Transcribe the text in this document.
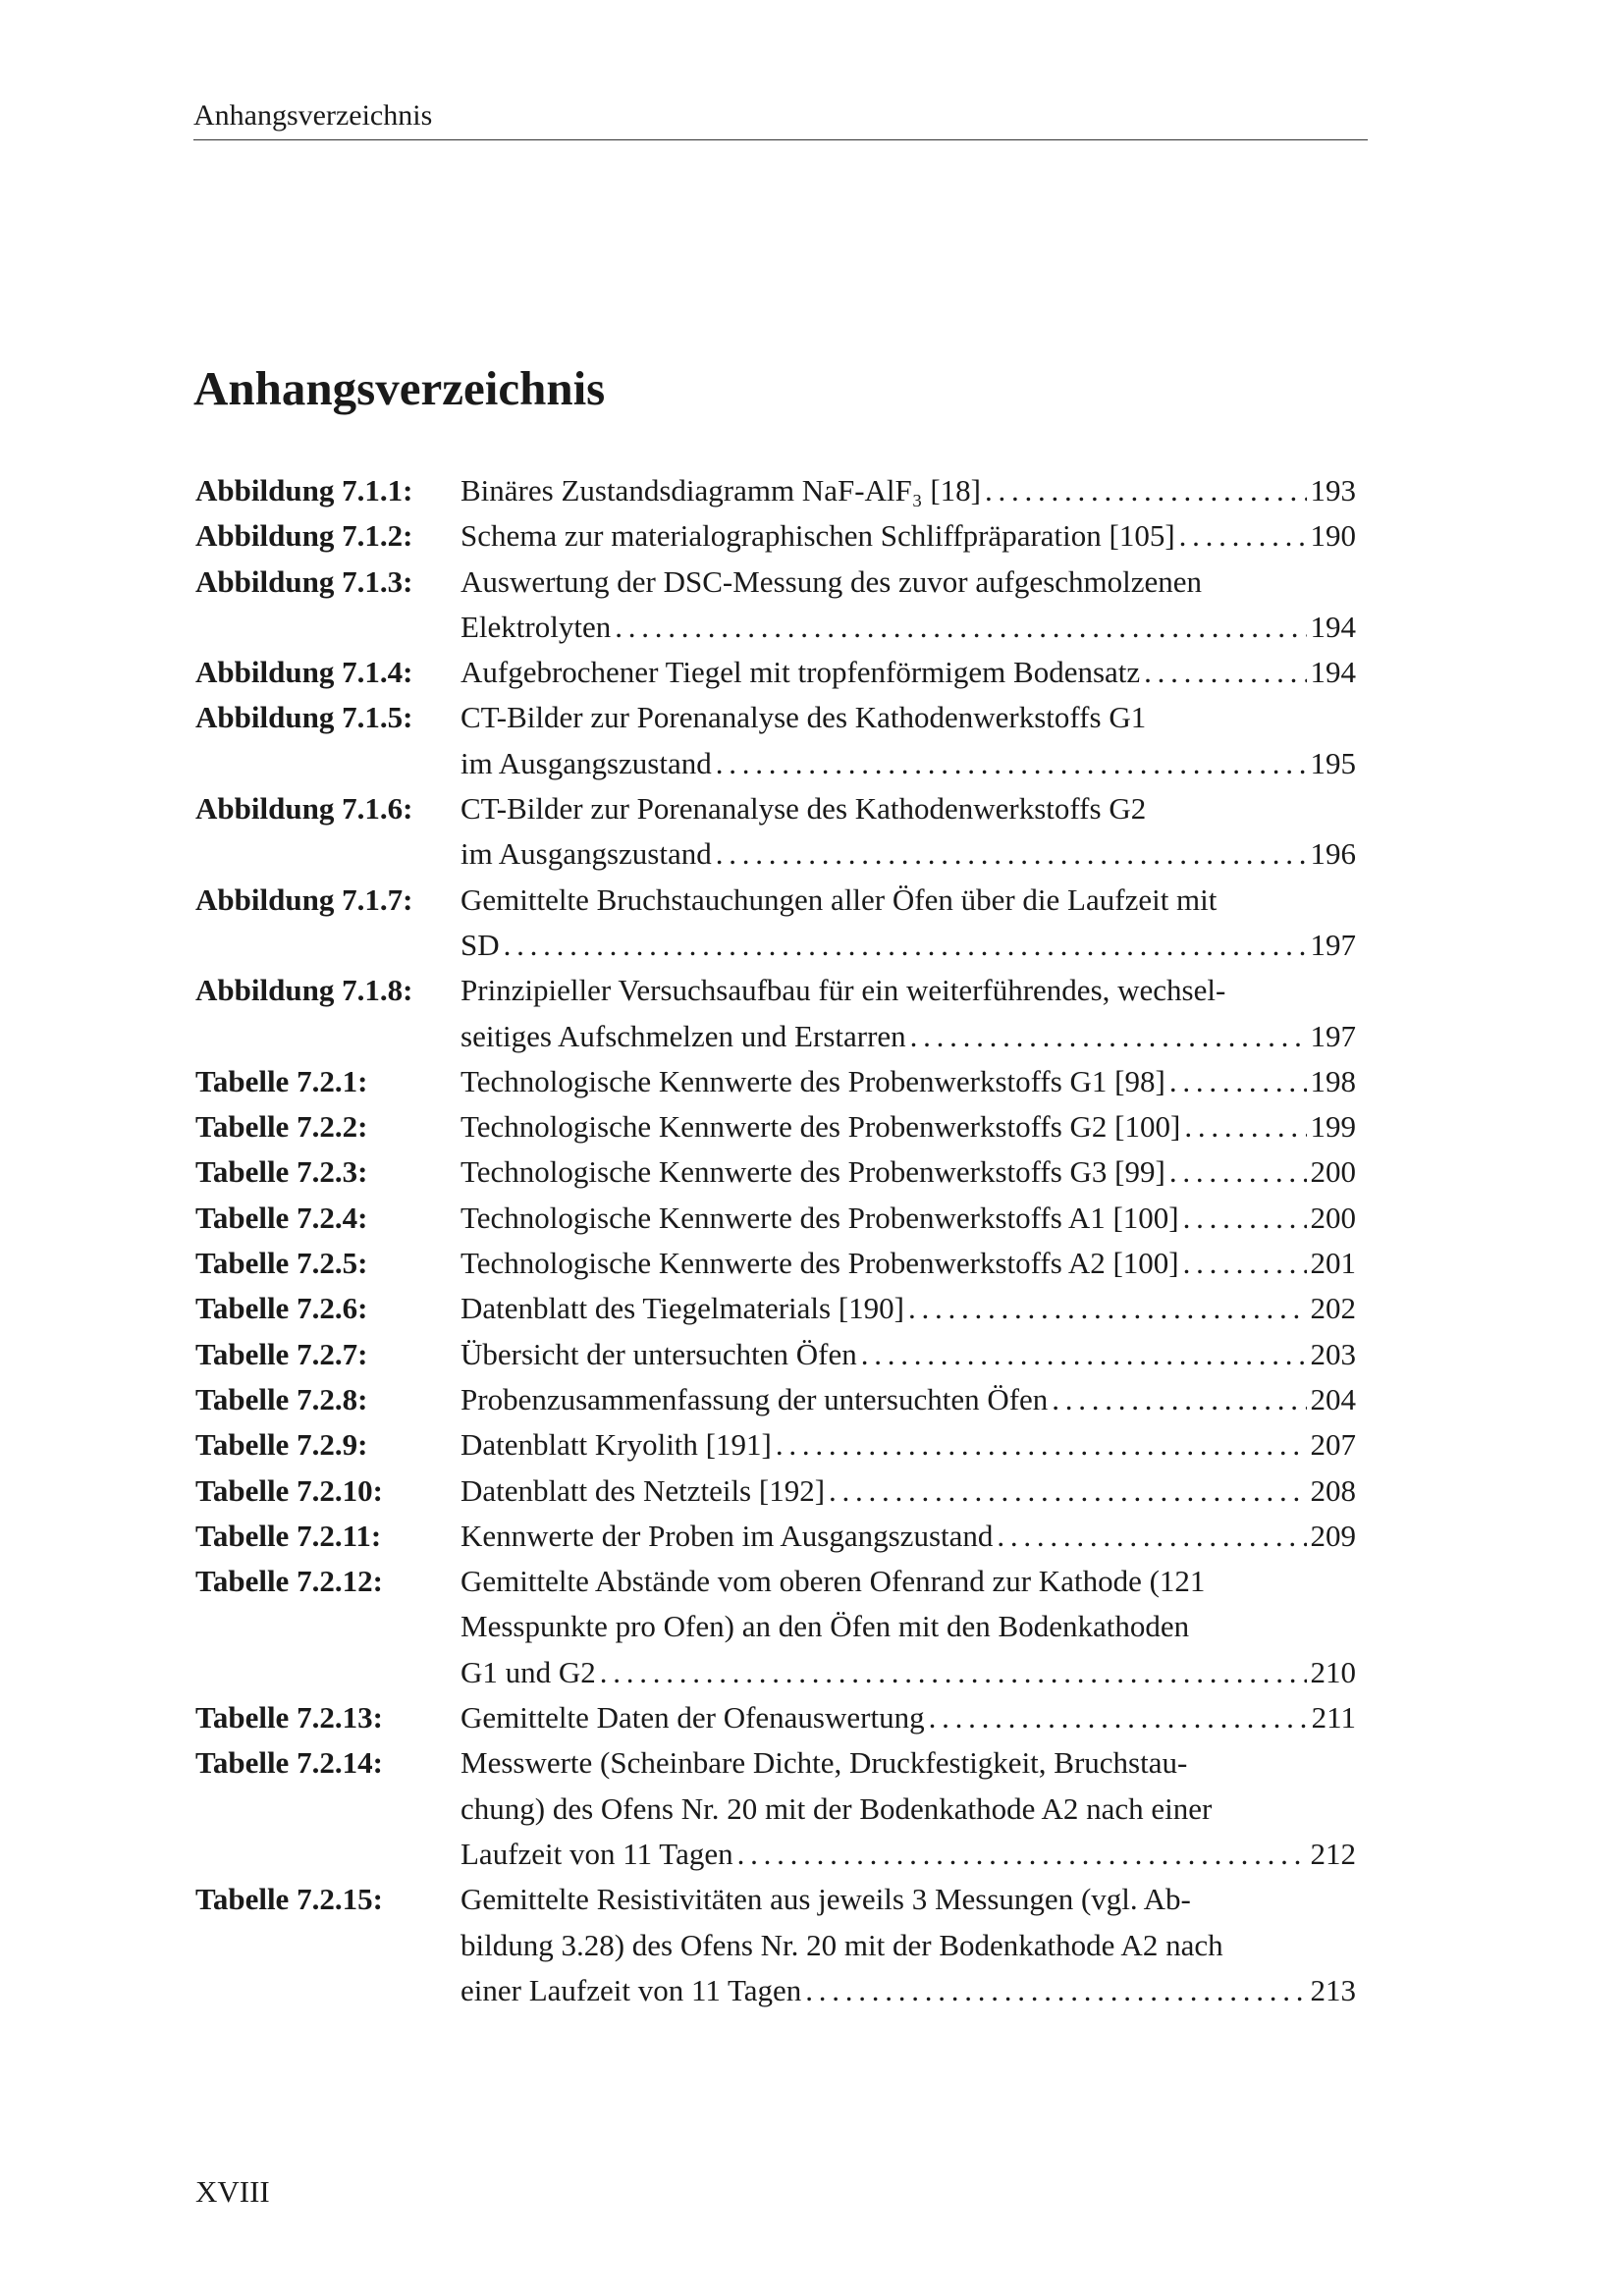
Anhangsverzeichnis
Anhangsverzeichnis
Abbildung 7.1.1:	Binäres Zustandsdiagramm NaF-AlF₃ [18] . . .	193
Abbildung 7.1.2:	Schema zur materialographischen Schliffpräparation [105] . . .	190
Abbildung 7.1.3:	Auswertung der DSC-Messung des zuvor aufgeschmolzenen
Elektrolyten . . .	194
Abbildung 7.1.4:	Aufgebrochener Tiegel mit tropfenförmigem Bodensatz . . .	194
Abbildung 7.1.5:	CT-Bilder zur Porenanalyse des Kathodenwerkstoffs G1
im Ausgangszustand . . .	195
Abbildung 7.1.6:	CT-Bilder zur Porenanalyse des Kathodenwerkstoffs G2
im Ausgangszustand . . .	196
Abbildung 7.1.7:	Gemittelte Bruchstauchungen aller Öfen über die Laufzeit mit
SD . . .	197
Abbildung 7.1.8:	Prinzipieller Versuchsaufbau für ein weiterführendes, wechsel-
seitiges Aufschmelzen und Erstarren . . .	197
Tabelle 7.2.1:	Technologische Kennwerte des Probenwerkstoffs G1 [98] . . .	198
Tabelle 7.2.2:	Technologische Kennwerte des Probenwerkstoffs G2 [100] . . .	199
Tabelle 7.2.3:	Technologische Kennwerte des Probenwerkstoffs G3 [99] . . .	200
Tabelle 7.2.4:	Technologische Kennwerte des Probenwerkstoffs A1 [100] . . .	200
Tabelle 7.2.5:	Technologische Kennwerte des Probenwerkstoffs A2 [100] . . .	201
Tabelle 7.2.6:	Datenblatt des Tiegelmaterials [190] . . .	202
Tabelle 7.2.7:	Übersicht der untersuchten Öfen . . .	203
Tabelle 7.2.8:	Probenzusammenfassung der untersuchten Öfen . . .	204
Tabelle 7.2.9:	Datenblatt Kryolith [191] . . .	207
Tabelle 7.2.10:	Datenblatt des Netzteils [192] . . .	208
Tabelle 7.2.11:	Kennwerte der Proben im Ausgangszustand . . .	209
Tabelle 7.2.12:	Gemittelte Abstände vom oberen Ofenrand zur Kathode (121
Messpunkte pro Ofen) an den Öfen mit den Bodenkathoden
G1 und G2 . . .	210
Tabelle 7.2.13:	Gemittelte Daten der Ofenauswertung . . .	211
Tabelle 7.2.14:	Messwerte (Scheinbare Dichte, Druckfestigkeit, Bruchstau-
chung) des Ofens Nr. 20 mit der Bodenkathode A2 nach einer
Laufzeit von 11 Tagen . . .	212
Tabelle 7.2.15:	Gemittelte Resistivitäten aus jeweils 3 Messungen (vgl. Ab-
bildung 3.28) des Ofens Nr. 20 mit der Bodenkathode A2 nach
einer Laufzeit von 11 Tagen . . .	213
XVIII
